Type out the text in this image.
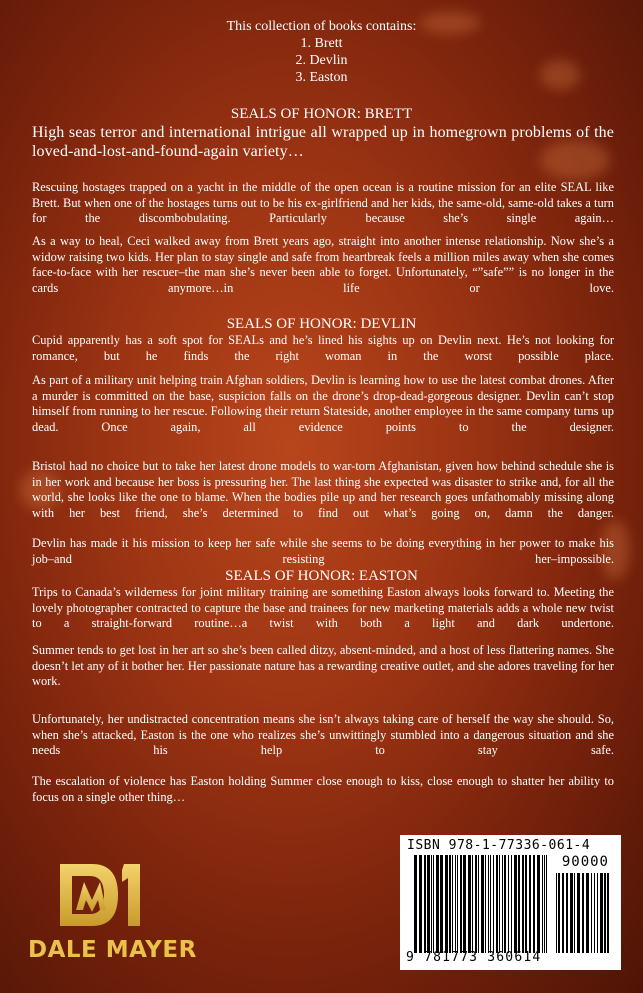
This collection of books contains:
1. Brett
2. Devlin
3. Easton
SEALS OF HONOR: BRETT
High seas terror and international intrigue all wrapped up in homegrown problems of the loved-and-lost-and-found-again variety…
Rescuing hostages trapped on a yacht in the middle of the open ocean is a routine mission for an elite SEAL like Brett. But when one of the hostages turns out to be his ex-girlfriend and her kids, the same-old, same-old takes a turn for the discombobulating. Particularly because she’s single again…
As a way to heal, Ceci walked away from Brett years ago, straight into another intense relationship. Now she’s a widow raising two kids. Her plan to stay single and safe from heartbreak feels a million miles away when she comes face-to-face with her rescuer–the man she’s never been able to forget. Unfortunately, “”safe”” is no longer in the cards anymore…in life or love.
SEALS OF HONOR: DEVLIN
Cupid apparently has a soft spot for SEALs and he’s lined his sights up on Devlin next. He’s not looking for romance, but he finds the right woman in the worst possible place.
As part of a military unit helping train Afghan soldiers, Devlin is learning how to use the latest combat drones. After a murder is committed on the base, suspicion falls on the drone’s drop-dead-gorgeous designer. Devlin can’t stop himself from running to her rescue. Following their return Stateside, another employee in the same company turns up dead. Once again, all evidence points to the designer.
Bristol had no choice but to take her latest drone models to war-torn Afghanistan, given how behind schedule she is in her work and because her boss is pressuring her. The last thing she expected was disaster to strike and, for all the world, she looks like the one to blame. When the bodies pile up and her research goes unfathomably missing along with her best friend, she’s determined to find out what’s going on, damn the danger.
Devlin has made it his mission to keep her safe while she seems to be doing everything in her power to make his job–and resisting her–impossible.
SEALS OF HONOR: EASTON
Trips to Canada’s wilderness for joint military training are something Easton always looks forward to. Meeting the lovely photographer contracted to capture the base and trainees for new marketing materials adds a whole new twist to a straight-forward routine…a twist with both a light and dark undertone.
Summer tends to get lost in her art so she’s been called ditzy, absent-minded, and a host of less flattering names. She doesn’t let any of it bother her. Her passionate nature has a rewarding creative outlet, and she adores traveling for her work.
Unfortunately, her undistracted concentration means she isn’t always taking care of herself the way she should. So, when she’s attacked, Easton is the one who realizes she’s unwittingly stumbled into a dangerous situation and she needs his help to stay safe.
The escalation of violence has Easton holding Summer close enough to kiss, close enough to shatter her ability to focus on a single other thing…
DALE MAYER
ISBN 978-1-77336-061-4
90000
9 781773 360614
